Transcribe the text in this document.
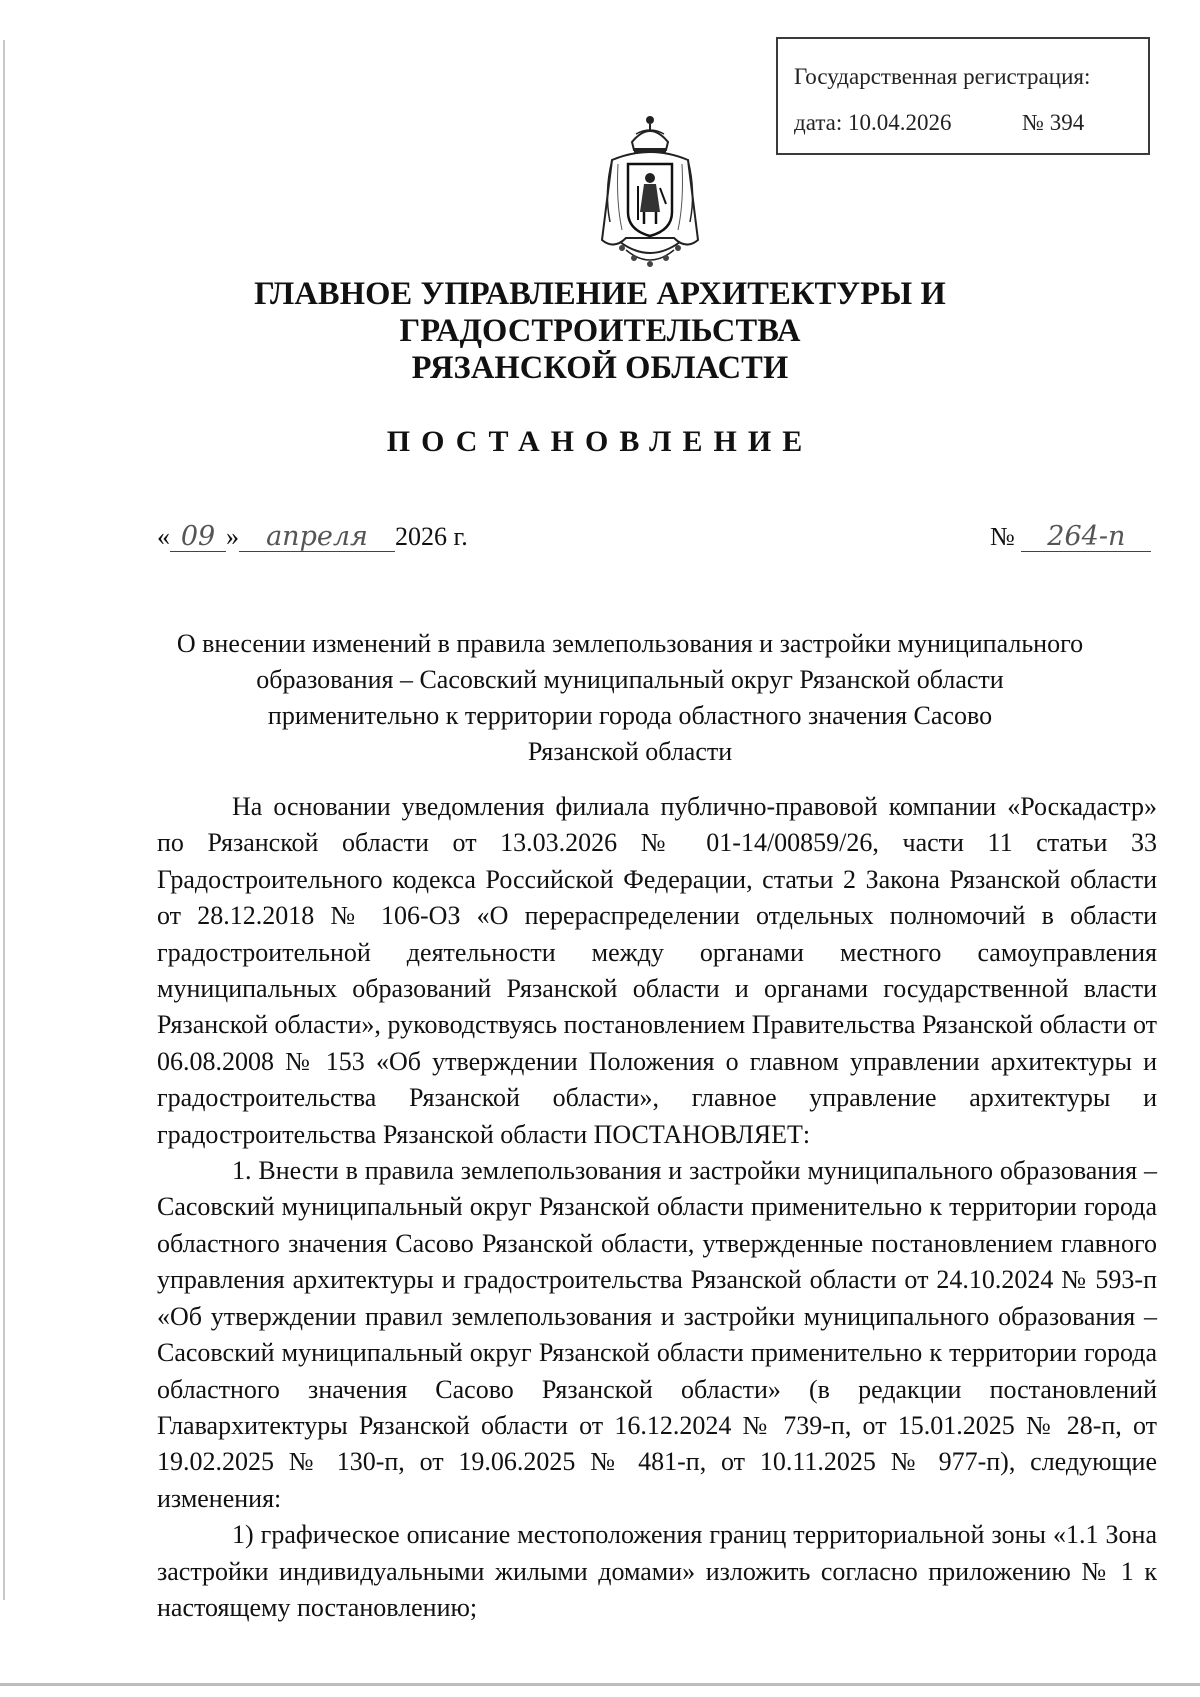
Государственная регистрация:
дата: 10.04.2026	№ 394
ГЛАВНОЕ УПРАВЛЕНИЕ АРХИТЕКТУРЫ И ГРАДОСТРОИТЕЛЬСТВА
РЯЗАНСКОЙ ОБЛАСТИ
ПОСТАНОВЛЕНИЕ
« 09 » апреля 2026 г.	№ 264-п
О внесении изменений в правила землепользования и застройки муниципального
образования – Сасовский муниципальный округ Рязанской области
применительно к территории города областного значения Сасово
Рязанской области

На основании уведомления филиала публично-правовой компании «Роскадастр» по Рязанской области от 13.03.2026 № 01-14/00859/26, части 11 статьи 33 Градостроительного кодекса Российской Федерации, статьи 2 Закона Рязанской области от 28.12.2018 № 106-ОЗ «О перераспределении отдельных полномочий в области градостроительной деятельности между органами местного самоуправления муниципальных образований Рязанской области и органами государственной власти Рязанской области», руководствуясь постановлением Правительства Рязанской области от 06.08.2008 № 153 «Об утверждении Положения о главном управлении архитектуры и градостроительства Рязанской области», главное управление архитектуры и градостроительства Рязанской области ПОСТАНОВЛЯЕТ:

1. Внести в правила землепользования и застройки муниципального образования – Сасовский муниципальный округ Рязанской области применительно к территории города областного значения Сасово Рязанской области, утвержденные постановлением главного управления архитектуры и градостроительства Рязанской области от 24.10.2024 № 593-п «Об утверждении правил землепользования и застройки муниципального образования – Сасовский муниципальный округ Рязанской области применительно к территории города областного значения Сасово Рязанской области» (в редакции постановлений Главархитектуры Рязанской области от 16.12.2024 № 739-п, от 15.01.2025 № 28-п, от 19.02.2025 № 130-п, от 19.06.2025 № 481-п, от 10.11.2025 № 977-п), следующие изменения:

1) графическое описание местоположения границ территориальной зоны «1.1 Зона застройки индивидуальными жилыми домами» изложить согласно приложению № 1 к настоящему постановлению;
